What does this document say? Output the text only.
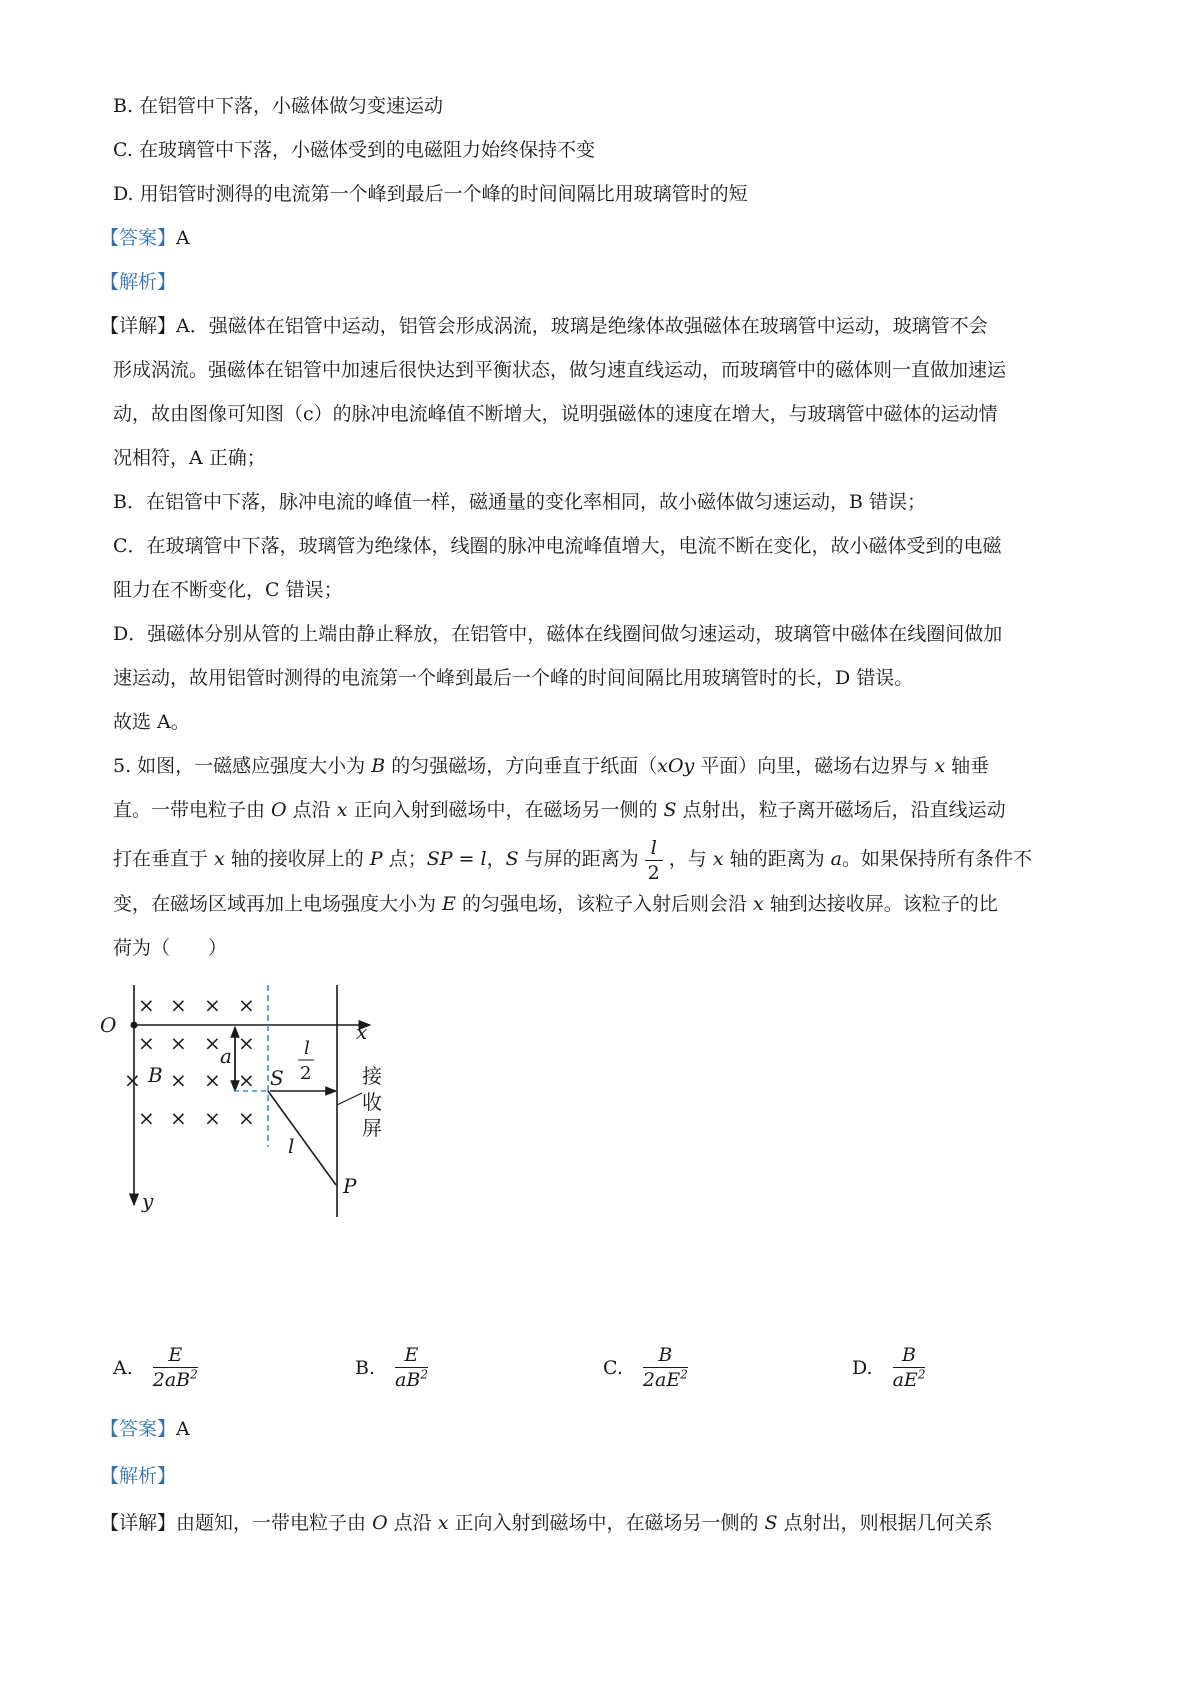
B. 在铝管中下落，小磁体做匀变速运动
C. 在玻璃管中下落，小磁体受到的电磁阻力始终保持不变
D. 用铝管时测得的电流第一个峰到最后一个峰的时间间隔比用玻璃管时的短
【答案】A
【解析】
【详解】A．强磁体在铝管中运动，铝管会形成涡流，玻璃是绝缘体故强磁体在玻璃管中运动，玻璃管不会
形成涡流。强磁体在铝管中加速后很快达到平衡状态，做匀速直线运动，而玻璃管中的磁体则一直做加速运
动，故由图像可知图（c）的脉冲电流峰值不断增大，说明强磁体的速度在增大，与玻璃管中磁体的运动情
况相符，A 正确；
B．在铝管中下落，脉冲电流的峰值一样，磁通量的变化率相同，故小磁体做匀速运动，B 错误；
C．在玻璃管中下落，玻璃管为绝缘体，线圈的脉冲电流峰值增大，电流不断在变化，故小磁体受到的电磁
阻力在不断变化，C 错误；
D．强磁体分别从管的上端由静止释放，在铝管中，磁体在线圈间做匀速运动，玻璃管中磁体在线圈间做加
速运动，故用铝管时测得的电流第一个峰到最后一个峰的时间间隔比用玻璃管时的长，D 错误。
故选 A。
5. 如图，一磁感应强度大小为 B 的匀强磁场，方向垂直于纸面（xOy 平面）向里，磁场右边界与 x 轴垂
直。一带电粒子由 O 点沿 x 正向入射到磁场中，在磁场另一侧的 S 点射出，粒子离开磁场后，沿直线运动
打在垂直于 x 轴的接收屏上的 P 点；SP = l，S 与屏的距离为 $\frac{l}{2}$ ，与 x 轴的距离为 a。如果保持所有条件不
变，在磁场区域再加上电场强度大小为 E 的匀强电场，该粒子入射后则会沿 x 轴到达接收屏。该粒子的比
荷为（　　）
× × × ×
× × × ×
× × × ×
× × × ×
O	x
y
B
a
S
l
2
l
P
接
收
屏
A. $\frac{E}{2aB^2}$	B. $\frac{E}{aB^2}$	C. $\frac{B}{2aE^2}$	D. $\frac{B}{aE^2}$
【答案】A
【解析】
【详解】由题知，一带电粒子由 O 点沿 x 正向入射到磁场中，在磁场另一侧的 S 点射出，则根据几何关系
